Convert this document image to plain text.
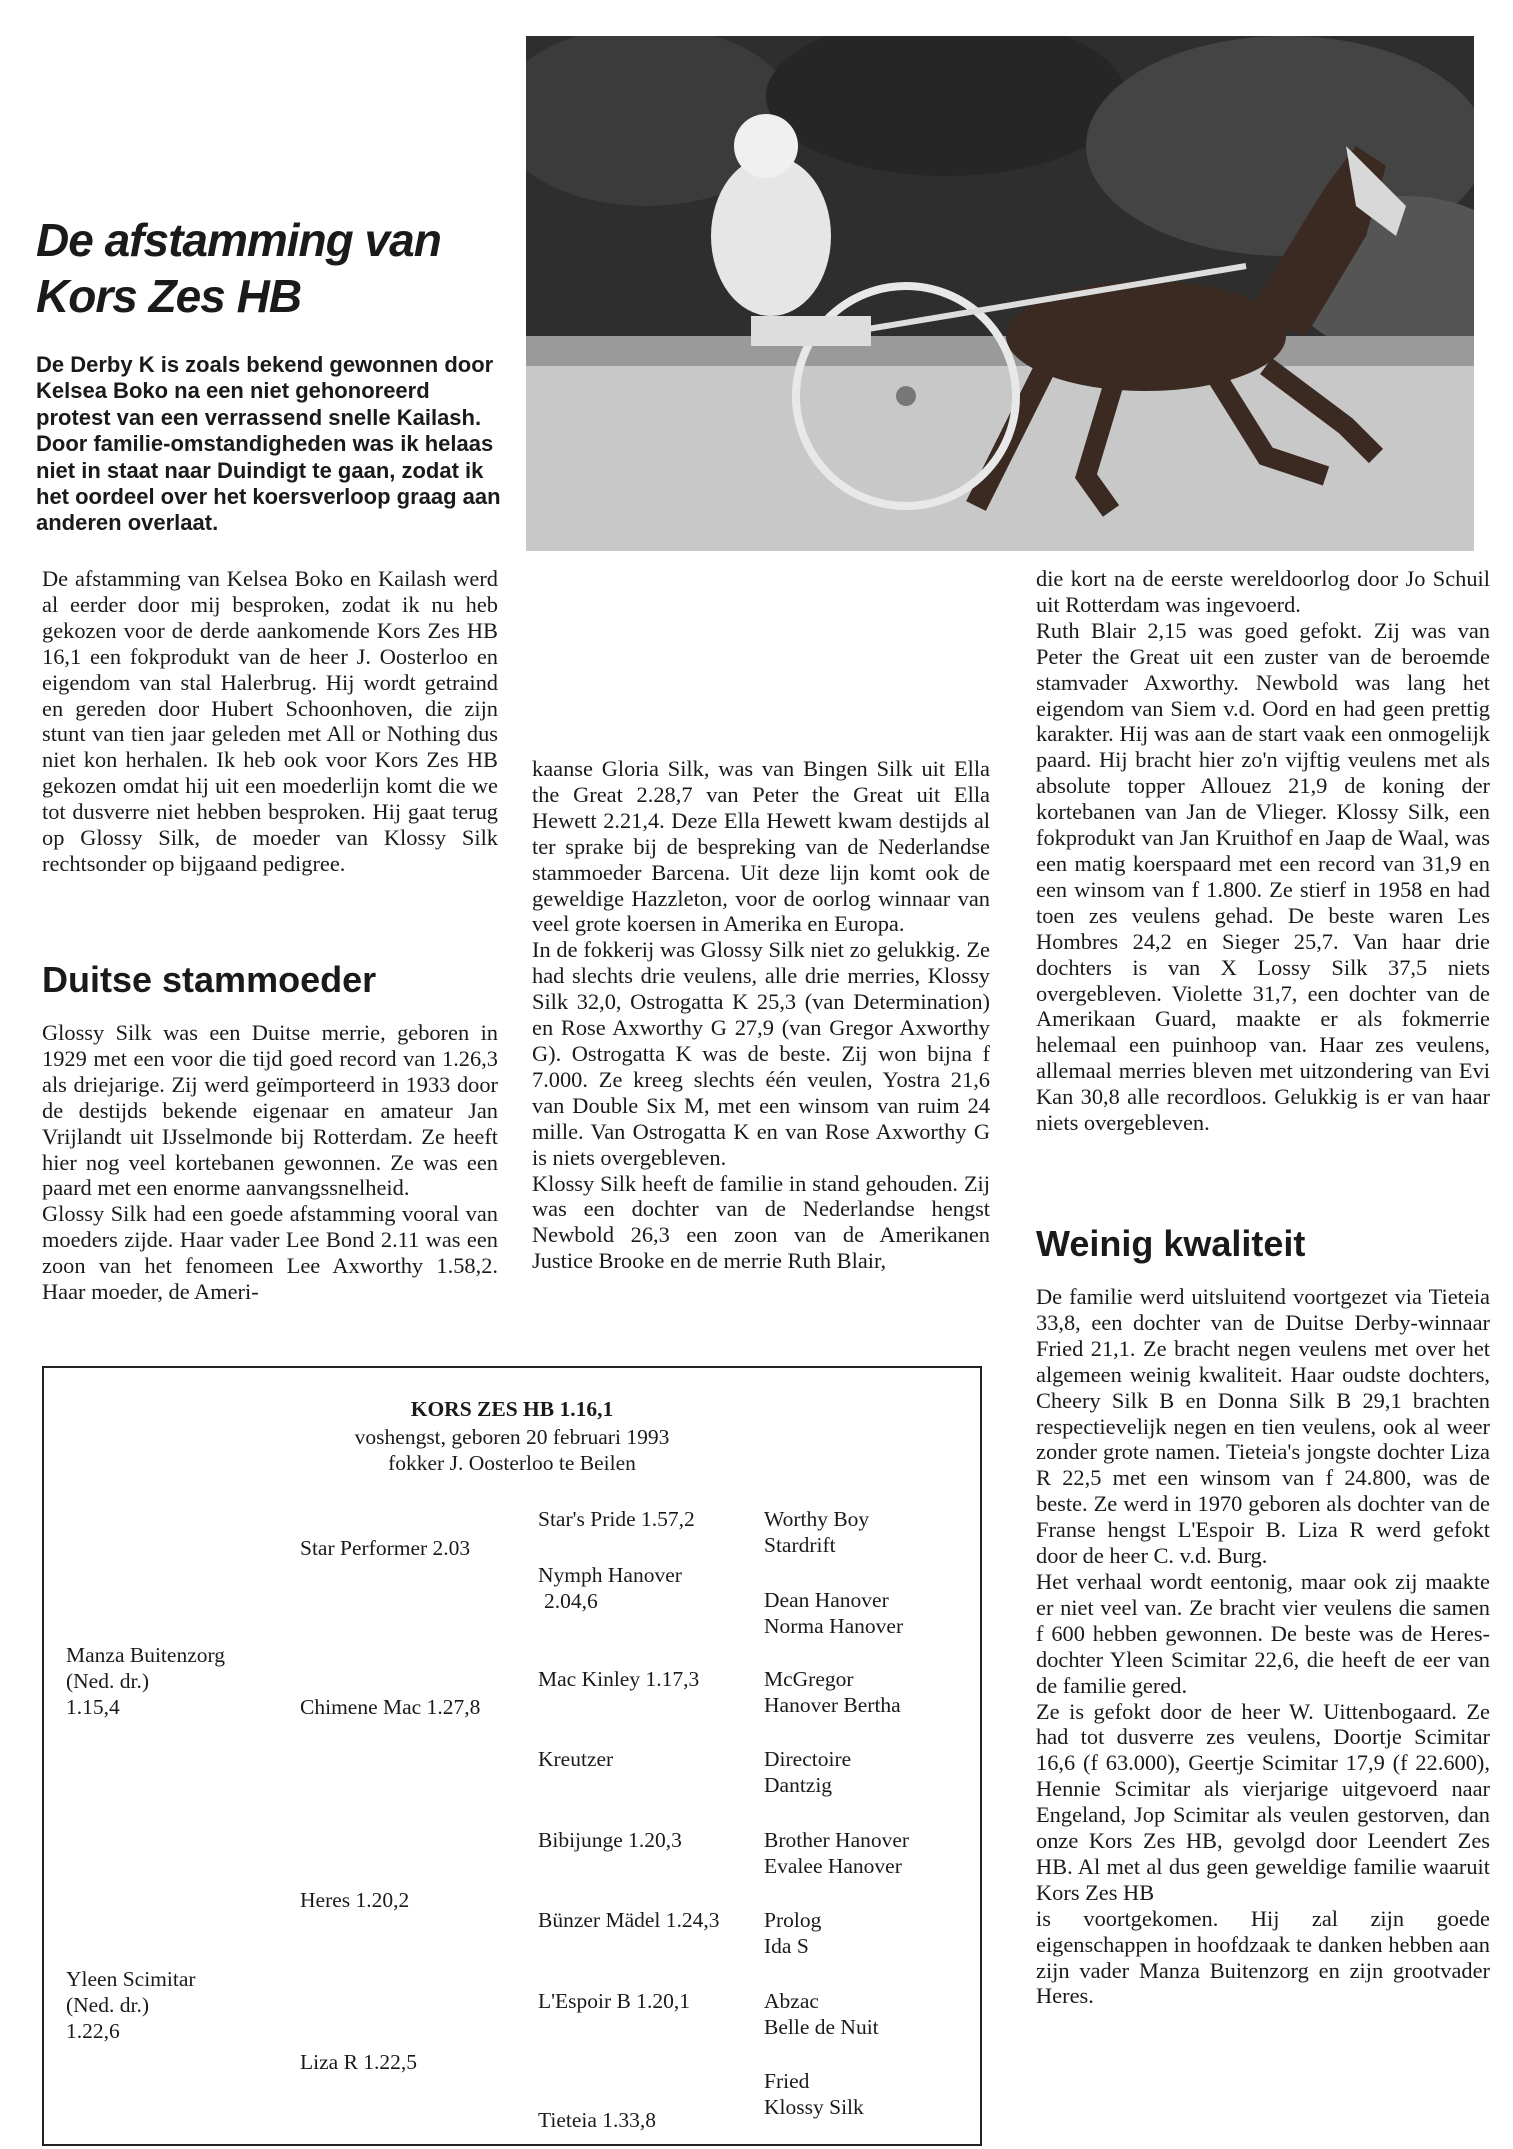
De afstamming van
Kors Zes HB
De Derby K is zoals bekend gewonnen door Kelsea Boko na een niet gehonoreerd protest van een verrassend snelle Kailash. Door familie-omstandigheden was ik helaas niet in staat naar Duindigt te gaan, zodat ik het oordeel over het koersverloop graag aan anderen overlaat.

De afstamming van Kelsea Boko en Kailash werd al eerder door mij besproken, zodat ik nu heb gekozen voor de derde aankomende Kors Zes HB 16,1 een fokprodukt van de heer J. Oosterloo en eigendom van stal Halerbrug. Hij wordt getraind en gereden door Hubert Schoonhoven, die zijn stunt van tien jaar geleden met All or Nothing dus niet kon herhalen. Ik heb ook voor Kors Zes HB gekozen omdat hij uit een moederlijn komt die we tot dusverre niet hebben besproken. Hij gaat terug op Glossy Silk, de moeder van Klossy Silk rechtsonder op bijgaand pedigree.

Duitse stammoeder

Glossy Silk was een Duitse merrie, geboren in 1929 met een voor die tijd goed record van 1.26,3 als driejarige. Zij werd geïmporteerd in 1933 door de destijds bekende eigenaar en amateur Jan Vrijlandt uit IJsselmonde bij Rotterdam. Ze heeft hier nog veel kortebanen gewonnen. Ze was een paard met een enorme aanvangssnelheid.

Glossy Silk had een goede afstamming vooral van moeders zijde. Haar vader Lee Bond 2.11 was een zoon van het fenomeen Lee Axworthy 1.58,2. Haar moeder, de Ameri-

kaanse Gloria Silk, was van Bingen Silk uit Ella the Great 2.28,7 van Peter the Great uit Ella Hewett 2.21,4. Deze Ella Hewett kwam destijds al ter sprake bij de bespreking van de Nederlandse stammoeder Barcena. Uit deze lijn komt ook de geweldige Hazzleton, voor de oorlog winnaar van veel grote koersen in Amerika en Europa.

In de fokkerij was Glossy Silk niet zo gelukkig. Ze had slechts drie veulens, alle drie merries, Klossy Silk 32,0, Ostrogatta K 25,3 (van Determination) en Rose Axworthy G 27,9 (van Gregor Axworthy G). Ostrogatta K was de beste. Zij won bijna f 7.000. Ze kreeg slechts één veulen, Yostra 21,6 van Double Six M, met een winsom van ruim 24 mille. Van Ostrogatta K en van Rose Axworthy G is niets overgebleven.

Klossy Silk heeft de familie in stand gehouden. Zij was een dochter van de Nederlandse hengst Newbold 26,3 een zoon van de Amerikanen Justice Brooke en de merrie Ruth Blair,

die kort na de eerste wereldoorlog door Jo Schuil uit Rotterdam was ingevoerd.

Ruth Blair 2,15 was goed gefokt. Zij was van Peter the Great uit een zuster van de beroemde stamvader Axworthy. Newbold was lang het eigendom van Siem v.d. Oord en had geen prettig karakter. Hij was aan de start vaak een onmogelijk paard. Hij bracht hier zo'n vijftig veulens met als absolute topper Allouez 21,9 de koning der kortebanen van Jan de Vlieger. Klossy Silk, een fokprodukt van Jan Kruithof en Jaap de Waal, was een matig koerspaard met een record van 31,9 en een winsom van f 1.800. Ze stierf in 1958 en had toen zes veulens gehad. De beste waren Les Hombres 24,2 en Sieger 25,7. Van haar drie dochters is van X Lossy Silk 37,5 niets overgebleven. Violette 31,7, een dochter van de Amerikaan Guard, maakte er als fokmerrie helemaal een puinhoop van. Haar zes veulens, allemaal merries bleven met uitzondering van Evi Kan 30,8 alle recordloos. Gelukkig is er van haar niets overgebleven.

Weinig kwaliteit

De familie werd uitsluitend voortgezet via Tieteia 33,8, een dochter van de Duitse Derby-winnaar Fried 21,1. Ze bracht negen veulens met over het algemeen weinig kwaliteit. Haar oudste dochters, Cheery Silk B en Donna Silk B 29,1 brachten respectievelijk negen en tien veulens, ook al weer zonder grote namen. Tieteia's jongste dochter Liza R 22,5 met een winsom van f 24.800, was de beste. Ze werd in 1970 geboren als dochter van de Franse hengst L'Espoir B. Liza R werd gefokt door de heer C. v.d. Burg.

Het verhaal wordt eentonig, maar ook zij maakte er niet veel van. Ze bracht vier veulens die samen f 600 hebben gewonnen. De beste was de Heres-dochter Yleen Scimitar 22,6, die heeft de eer van de familie gered.

Ze is gefokt door de heer W. Uittenbogaard. Ze had tot dusverre zes veulens, Doortje Scimitar 16,6 (f 63.000), Geertje Scimitar 17,9 (f 22.600), Hennie Scimitar als vierjarige uitgevoerd naar Engeland, Jop Scimitar als veulen gestorven, dan onze Kors Zes HB, gevolgd door Leendert Zes HB. Al met al dus geen geweldige familie waaruit Kors Zes HB

is voortgekomen. Hij zal zijn goede eigenschappen in hoofdzaak te danken hebben aan zijn vader Manza Buitenzorg en zijn grootvader Heres.

KORS ZES HB 1.16,1
voshengst, geboren 20 februari 1993
fokker J. Oosterloo te Beilen
Manza Buitenzorg
(Ned. dr.)
1.15,4
Yleen Scimitar
(Ned. dr.)
1.22,6
Star Performer 2.03
Chimene Mac 1.27,8
Heres 1.20,2
Liza R 1.22,5
Star's Pride 1.57,2
Nymph Hanover
2.04,6
Mac Kinley 1.17,3
Kreutzer
Bibijunge 1.20,3
Bünzer Mädel 1.24,3
L'Espoir B 1.20,1
Tieteia 1.33,8
Worthy Boy
Stardrift
Dean Hanover
Norma Hanover
McGregor
Hanover Bertha
Directoire
Dantzig
Brother Hanover
Evalee Hanover
Prolog
Ida S
Abzac
Belle de Nuit
Fried
Klossy Silk
